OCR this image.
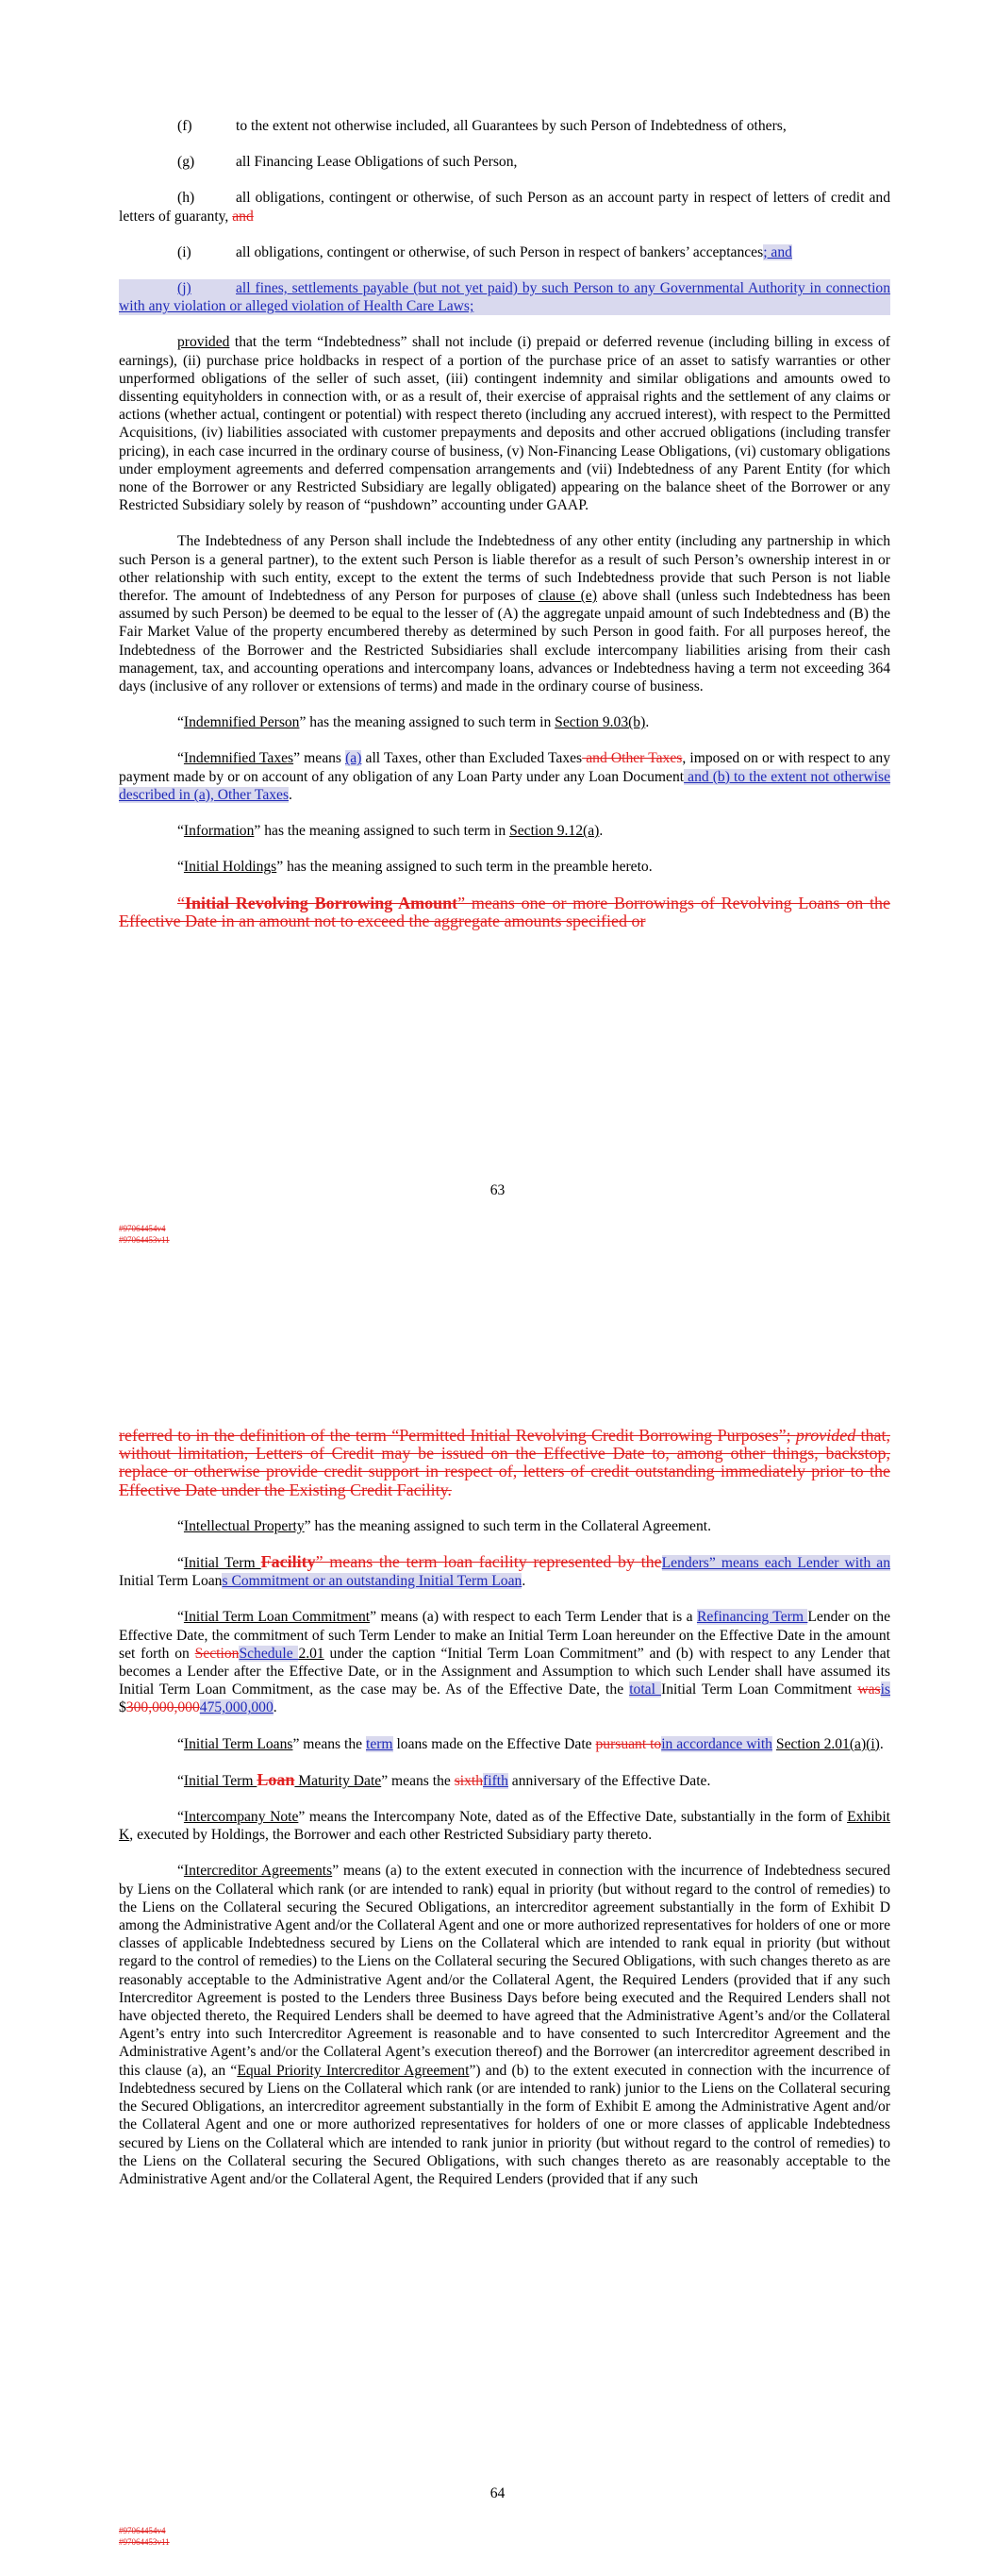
(f)	to the extent not otherwise included, all Guarantees by such Person of Indebtedness of others,

(g)	all Financing Lease Obligations of such Person,

(h)	all obligations, contingent or otherwise, of such Person as an account party in respect of letters of credit and letters of guaranty, and

(i)	all obligations, contingent or otherwise, of such Person in respect of bankers’ acceptances; and

(j)	all fines, settlements payable (but not yet paid) by such Person to any Governmental Authority in connection with any violation or alleged violation of Health Care Laws;

provided that the term “Indebtedness” shall not include (i) prepaid or deferred revenue (including billing in excess of earnings), (ii) purchase price holdbacks in respect of a portion of the purchase price of an asset to satisfy warranties or other unperformed obligations of the seller of such asset, (iii) contingent indemnity and similar obligations and amounts owed to dissenting equityholders in connection with, or as a result of, their exercise of appraisal rights and the settlement of any claims or actions (whether actual, contingent or potential) with respect thereto (including any accrued interest), with respect to the Permitted Acquisitions, (iv) liabilities associated with customer prepayments and deposits and other accrued obligations (including transfer pricing), in each case incurred in the ordinary course of business, (v) Non-Financing Lease Obligations, (vi) customary obligations under employment agreements and deferred compensation arrangements and (vii) Indebtedness of any Parent Entity (for which none of the Borrower or any Restricted Subsidiary are legally obligated) appearing on the balance sheet of the Borrower or any Restricted Subsidiary solely by reason of “pushdown” accounting under GAAP.

The Indebtedness of any Person shall include the Indebtedness of any other entity (including any partnership in which such Person is a general partner), to the extent such Person is liable therefor as a result of such Person’s ownership interest in or other relationship with such entity, except to the extent the terms of such Indebtedness provide that such Person is not liable therefor. The amount of Indebtedness of any Person for purposes of clause (e) above shall (unless such Indebtedness has been assumed by such Person) be deemed to be equal to the lesser of (A) the aggregate unpaid amount of such Indebtedness and (B) the Fair Market Value of the property encumbered thereby as determined by such Person in good faith. For all purposes hereof, the Indebtedness of the Borrower and the Restricted Subsidiaries shall exclude intercompany liabilities arising from their cash management, tax, and accounting operations and intercompany loans, advances or Indebtedness having a term not exceeding 364 days (inclusive of any rollover or extensions of terms) and made in the ordinary course of business.

“Indemnified Person” has the meaning assigned to such term in Section 9.03(b).

“Indemnified Taxes” means (a) all Taxes, other than Excluded Taxes and Other Taxes, imposed on or with respect to any payment made by or on account of any obligation of any Loan Party under any Loan Document and (b) to the extent not otherwise described in (a), Other Taxes.

“Information” has the meaning assigned to such term in Section 9.12(a).

“Initial Holdings” has the meaning assigned to such term in the preamble hereto.

“Initial Revolving Borrowing Amount” means one or more Borrowings of Revolving Loans on the Effective Date in an amount not to exceed the aggregate amounts specified or

63
#97064454v4
#97064453v11

referred to in the definition of the term “Permitted Initial Revolving Credit Borrowing Purposes”; provided that, without limitation, Letters of Credit may be issued on the Effective Date to, among other things, backstop, replace or otherwise provide credit support in respect of, letters of credit outstanding immediately prior to the Effective Date under the Existing Credit Facility.

“Intellectual Property” has the meaning assigned to such term in the Collateral Agreement.

“Initial Term Facility” means the term loan facility represented by theLenders” means each Lender with an Initial Term Loans Commitment or an outstanding Initial Term Loan.

“Initial Term Loan Commitment” means (a) with respect to each Term Lender that is a Refinancing Term Lender on the Effective Date, the commitment of such Term Lender to make an Initial Term Loan hereunder on the Effective Date in the amount set forth on SectionSchedule 2.01 under the caption “Initial Term Loan Commitment” and (b) with respect to any Lender that becomes a Lender after the Effective Date, or in the Assignment and Assumption to which such Lender shall have assumed its Initial Term Loan Commitment, as the case may be. As of the Effective Date, the total Initial Term Loan Commitment wasis $300,000,000475,000,000.

“Initial Term Loans” means the term loans made on the Effective Date pursuant toin accordance with Section 2.01(a)(i).

“Initial Term Loan Maturity Date” means the sixthfifth anniversary of the Effective Date.

“Intercompany Note” means the Intercompany Note, dated as of the Effective Date, substantially in the form of Exhibit K, executed by Holdings, the Borrower and each other Restricted Subsidiary party thereto.

“Intercreditor Agreements” means (a) to the extent executed in connection with the incurrence of Indebtedness secured by Liens on the Collateral which rank (or are intended to rank) equal in priority (but without regard to the control of remedies) to the Liens on the Collateral securing the Secured Obligations, an intercreditor agreement substantially in the form of Exhibit D among the Administrative Agent and/or the Collateral Agent and one or more authorized representatives for holders of one or more classes of applicable Indebtedness secured by Liens on the Collateral which are intended to rank equal in priority (but without regard to the control of remedies) to the Liens on the Collateral securing the Secured Obligations, with such changes thereto as are reasonably acceptable to the Administrative Agent and/or the Collateral Agent, the Required Lenders (provided that if any such Intercreditor Agreement is posted to the Lenders three Business Days before being executed and the Required Lenders shall not have objected thereto, the Required Lenders shall be deemed to have agreed that the Administrative Agent’s and/or the Collateral Agent’s entry into such Intercreditor Agreement is reasonable and to have consented to such Intercreditor Agreement and the Administrative Agent’s and/or the Collateral Agent’s execution thereof) and the Borrower (an intercreditor agreement described in this clause (a), an “Equal Priority Intercreditor Agreement”) and (b) to the extent executed in connection with the incurrence of Indebtedness secured by Liens on the Collateral which rank (or are intended to rank) junior to the Liens on the Collateral securing the Secured Obligations, an intercreditor agreement substantially in the form of Exhibit E among the Administrative Agent and/or the Collateral Agent and one or more authorized representatives for holders of one or more classes of applicable Indebtedness secured by Liens on the Collateral which are intended to rank junior in priority (but without regard to the control of remedies) to the Liens on the Collateral securing the Secured Obligations, with such changes thereto as are reasonably acceptable to the Administrative Agent and/or the Collateral Agent, the Required Lenders (provided that if any such

64
#97064454v4
#97064453v11
